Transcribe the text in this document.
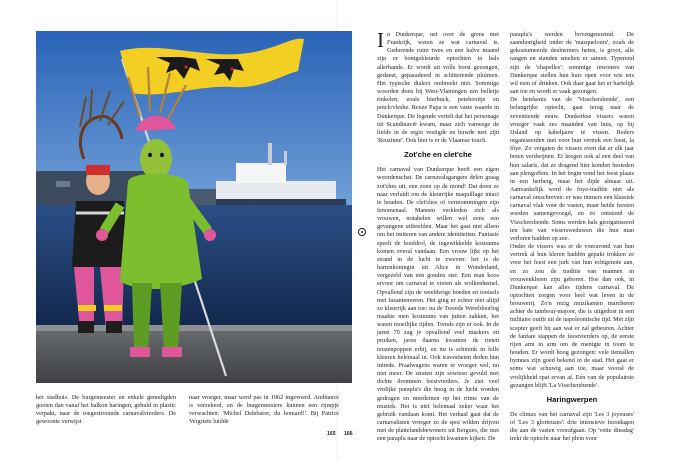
het stadhuis. De burgemeester en enkele genodigden gooien dan vanaf het balkon haringen, gehuld in plastic verpakt, naar de toegestroomde carnavalvierders. De gewoonte verwijst

naar vroeger, maar werd pas in 1962 ingevoerd. Ambiance is verzekerd, en de burgemeesters kunnen een rijmpje verwachten: 'Michel Delebarre, du homard!'. Bij Patrice Vergriete luidde

165

In Dunkerque, net over de grens met Frankrijk, weten ze wat carnaval is. Gedurende ruim twee en een halve maand zijn er bontgekleurde optochten in bals allerhande. Er wordt uit volle borst gezongen, gedanst, geparadeerd in schitterende pluimen. Het typische dialect ombreekt niet. Sommige woorden doen bij West-Vlamingen een belletje rinkelen, zoals bierbuck, petebooitje en potch/vleshe. Reuze Papa is een vaste waarde in Dunkerque. De legende vertelt dat het personage uit Scandinavië kwam, maar zich vanwege de liefde in de regio vestigde en huwde met zijn 'Reuzinne'. Ook hier is er de Vlaamse touch.

Zot'che en clet'che

Het carnaval van Dunkerque heeft een eigen woordenschat. De carnavalsgangers delen graag zot'ches uit, een zoen op de mond! Dat doen ze naar verluidt om de kleurrijke maquillage intact te houden. De clet'ches of vermommingen zijn fenomenaal. Mannen verkleden zich als vrouwen, notabelen willen wel eens een gevangene uitbeelden. Maar het gaat niet alleen om het imiteren van andere identiteiten. Fantasie speelt de hoofdrol, de ingewikkelde kostuums komen overal vandaan. Een vrouw lijkt op het strand in de lucht te zweven: het is de hartenkoningin uit Alice in Wonderland, vergezeld van een gouden ster. Een man koos ervoor om carnaval te vieren als wolkenhemel. Opvallend zijn de weelderige hoeden en tooisels met fazantenveren. Het ging er echter niet altijd zo kleurrijk aan toe: na de Tweede Wereldoorlog maakte men kostuums van jutten zakken, het waren moeilijke tijden. Trends zijn er ook. In de jaren 70 zag je opvallend veel maskers en pruiken, jaren daarna kwamen de rieten reuzenpoppen erbij, en nu is schmink in felle kleuren helemaal in. Ook travestieten deden hun intrede. Praalwagens waren er vroeger wel, nu niet meer. De straten zijn sowieso gevuld met dichte drommen feestvierders. Je ziet veel vrolijke paraplu's die hoog in de lucht worden gedragen en meedeinen op het ritme van de muziek. Het is niet helemaal zeker waar het gebruik vandaan komt. Het verhaal gaat dat de carnavalisten vroeger zo de spot wilden drijven met de plattelandsbewoners uit Bergues, die met een paraplu naar de optocht kwamen kijken. De

paraplu's werden bovengenoemd. De saamhorigheid onder de 'masquelours', zoals de gekostumeerde deelnemers heten, is groot, alle rangen en standen smelten er samen. Typerend zijn de 'chapelles': sommige inwoners van Dunkerque stellen hun huis open voor wie iets wil eten of drinken. Ook daar gaat het er hartelijk aan toe en wordt er vaak gezongen.
De betekenis van de 'Visschersbende', een belangrijke optocht, gaat terug naar de zeventiende eeuw. Dunkerkse vissers waren vroeger vaak zes maanden van huis, op bij IJsland op kabeljauw te vissen. Reders organiseerden met voor hun vertrek een feest, la fôye. Zo vergaten de vissers even dat er elk jaar boten verdwijnen. Er kregen ook al een deel van hun salaris, dat ze dragend hier konden besteden aan plengoffers. In het begin vond het feest plaats in een herberg, maar het dijde almaar uit. Aanvankelijk werd de foye-traditie niet als carnaval omschreven: er was immers een klassiek carnaval vlak voor de vasten, maar beide feesten werden samengevoegd, en zo ontstond de Visschersbende. Soms werden bals georganiseerd ten bate van vissersweduwen die hun man verloren hadden op zee.
Onder de vissers was er de voeravond van hun vertrek al hun kleren haddën gepakt trokken ze voor het feest een jurk van hun echtgenote aan, en zo zou de traditie van mannen in vrouwenkleren zijn geboren. Hoe dan ook, in Dunkerque kan alles tijdens carnaval. De optochten zorgen voor heel wat leven in de brouwerij. Zo'n rezig muzikanten marcheren achter de tambour-majoor, die is uitgedost in een militaire outfit uit de napoleontische tijd. Met zijn scepter geeft hij aan wat er zal gebeuren. Achter de fanfare stappen de feestvierders op, de eerste rijen arm in arm om de menigte in toom te houden. Er wordt hoog gezongen: vele tientallen hymnes zijn goed bekend in de stad. Het gaat er soms wat schuwig aan toe, maar vooral de vrolijkheid spat ervan af. Eén van de populairste gezangen blijft 'La Visschersbende'.

Haringwerpen

De climax van het carnaval zijn 'Les 3 joyeuses' of 'Les 3 glorieuses': drie intensieve feestdagen die aan de vasten voorafgaan. Op 'vette dinsdag' trekt de optocht naar het plein voor

166
